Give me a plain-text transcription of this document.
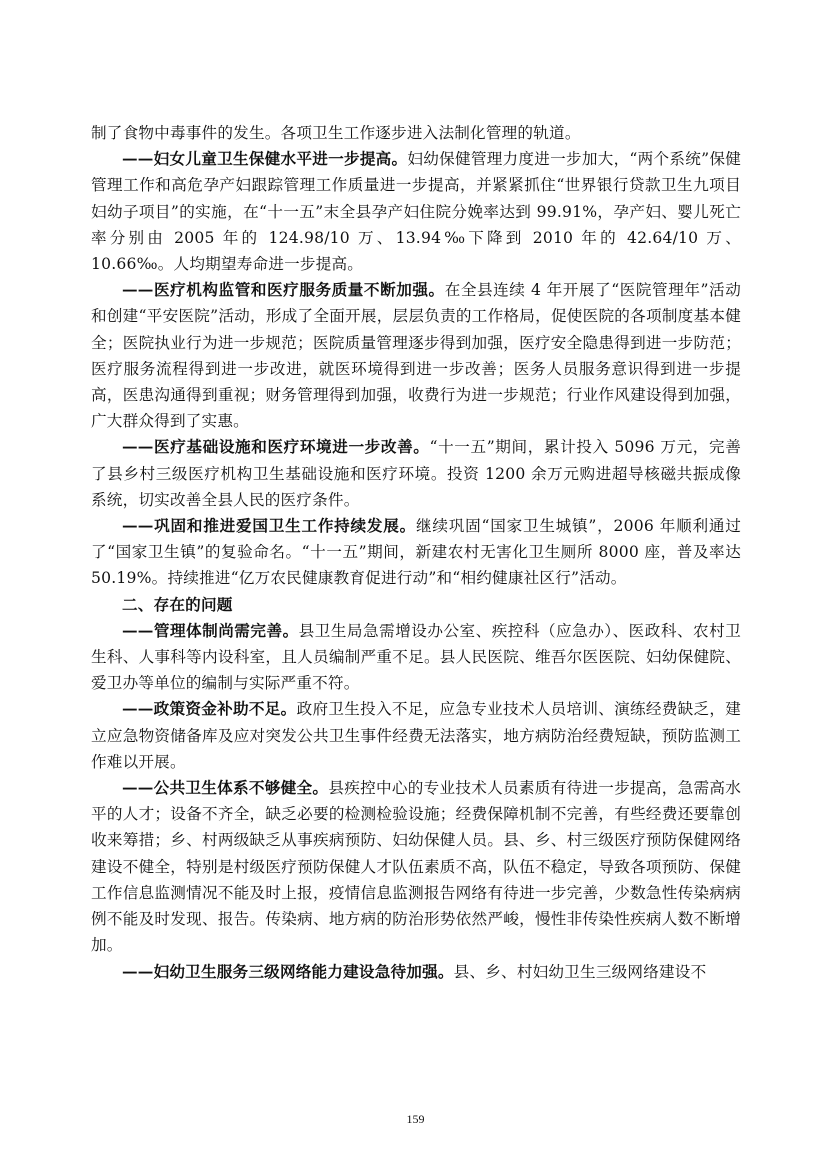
制了食物中毒事件的发生。各项卫生工作逐步进入法制化管理的轨道。

——妇女儿童卫生保健水平进一步提高。妇幼保健管理力度进一步加大，“两个系统”保健管理工作和高危孕产妇跟踪管理工作质量进一步提高，并紧紧抓住“世界银行贷款卫生九项目妇幼子项目”的实施，在“十一五”末全县孕产妇住院分娩率达到 99.91%，孕产妇、婴儿死亡率分别由 2005 年的 124.98/10 万、13.94‰下降到 2010 年的 42.64/10 万、10.66‰。人均期望寿命进一步提高。

——医疗机构监管和医疗服务质量不断加强。在全县连续 4 年开展了“医院管理年”活动和创建“平安医院”活动，形成了全面开展，层层负责的工作格局，促使医院的各项制度基本健全；医院执业行为进一步规范；医院质量管理逐步得到加强，医疗安全隐患得到进一步防范；医疗服务流程得到进一步改进，就医环境得到进一步改善；医务人员服务意识得到进一步提高，医患沟通得到重视；财务管理得到加强，收费行为进一步规范；行业作风建设得到加强，广大群众得到了实惠。

——医疗基础设施和医疗环境进一步改善。“十一五”期间，累计投入 5096 万元，完善了县乡村三级医疗机构卫生基础设施和医疗环境。投资 1200 余万元购进超导核磁共振成像系统，切实改善全县人民的医疗条件。

——巩固和推进爱国卫生工作持续发展。继续巩固“国家卫生城镇”，2006 年顺利通过了“国家卫生镇”的复验命名。“十一五”期间，新建农村无害化卫生厕所 8000 座，普及率达 50.19%。持续推进“亿万农民健康教育促进行动”和“相约健康社区行”活动。

二、存在的问题

——管理体制尚需完善。县卫生局急需增设办公室、疾控科（应急办）、医政科、农村卫生科、人事科等内设科室，且人员编制严重不足。县人民医院、维吾尔医医院、妇幼保健院、爱卫办等单位的编制与实际严重不符。

——政策资金补助不足。政府卫生投入不足，应急专业技术人员培训、演练经费缺乏，建立应急物资储备库及应对突发公共卫生事件经费无法落实，地方病防治经费短缺，预防监测工作难以开展。

——公共卫生体系不够健全。县疾控中心的专业技术人员素质有待进一步提高，急需高水平的人才；设备不齐全，缺乏必要的检测检验设施；经费保障机制不完善，有些经费还要靠创收来筹措；乡、村两级缺乏从事疾病预防、妇幼保健人员。县、乡、村三级医疗预防保健网络建设不健全，特别是村级医疗预防保健人才队伍素质不高，队伍不稳定，导致各项预防、保健工作信息监测情况不能及时上报，疫情信息监测报告网络有待进一步完善，少数急性传染病病例不能及时发现、报告。传染病、地方病的防治形势依然严峻，慢性非传染性疾病人数不断增加。

——妇幼卫生服务三级网络能力建设急待加强。县、乡、村妇幼卫生三级网络建设不

159
